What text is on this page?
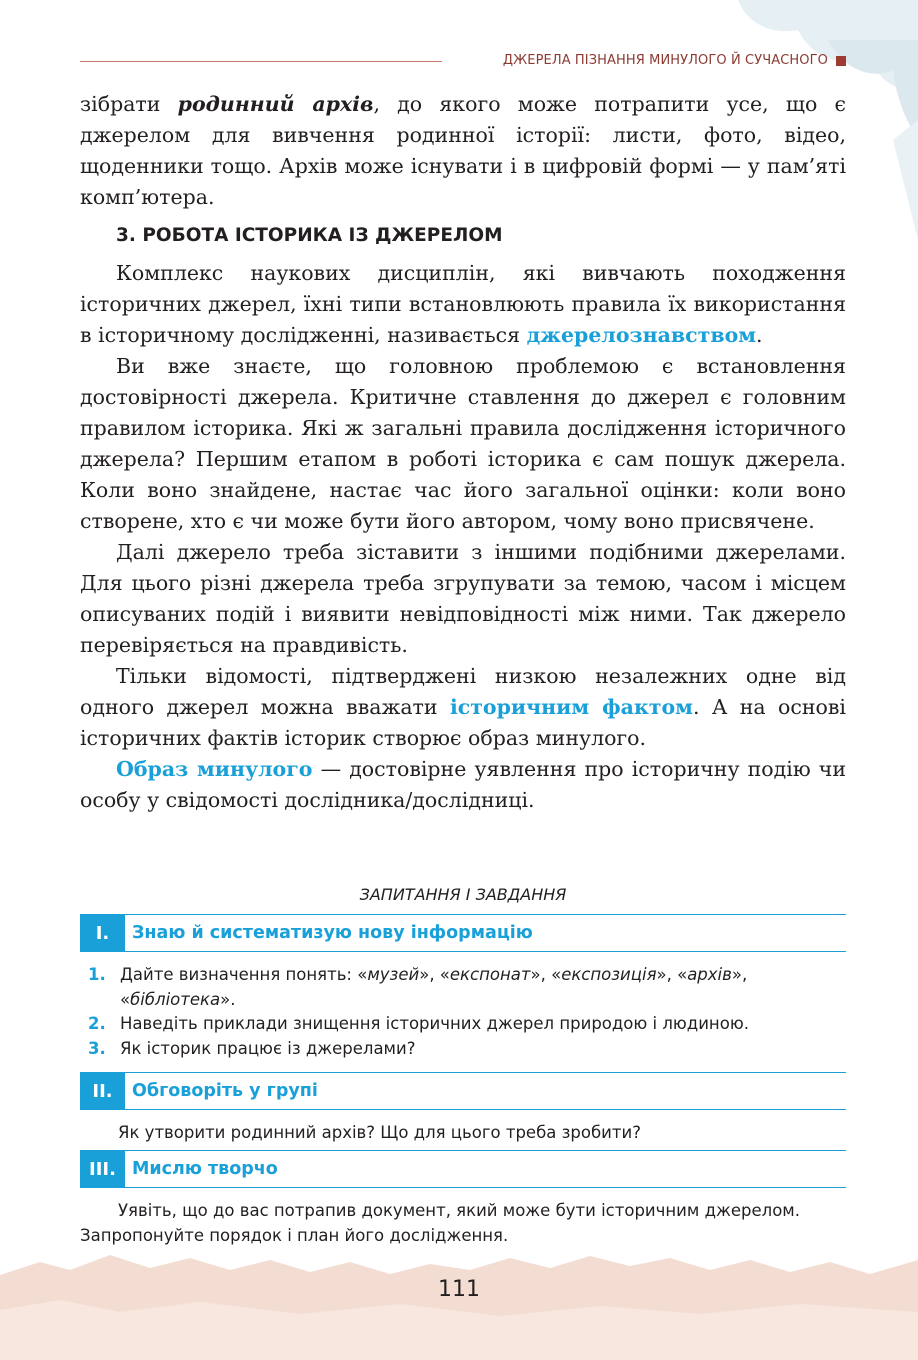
ДЖЕРЕЛА ПІЗНАННЯ МИНУЛОГО Й СУЧАСНОГО

зібрати родинний архів, до якого може потрапити усе, що є джерелом для вивчення родинної історії: листи, фото, відео, щоденники тощо. Архів може існувати і в цифровій формі — у пам’яті комп’ютера.

3. РОБОТА ІСТОРИКА ІЗ ДЖЕРЕЛОМ

Комплекс наукових дисциплін, які вивчають походження історичних джерел, їхні типи встановлюють правила їх використання в історичному дослідженні, називається джерелознавством.

Ви вже знаєте, що головною проблемою є встановлення достовірності джерела. Критичне ставлення до джерел є головним правилом історика. Які ж загальні правила дослідження історичного джерела? Першим етапом в роботі історика є сам пошук джерела. Коли воно знайдене, настає час його загальної оцінки: коли воно створене, хто є чи може бути його автором, чому воно присвячене.

Далі джерело треба зіставити з іншими подібними джерелами. Для цього різні джерела треба згрупувати за темою, часом і місцем описуваних подій і виявити невідповідності між ними. Так джерело перевіряється на правдивість.

Тільки відомості, підтверджені низкою незалежних одне від одного джерел можна вважати історичним фактом. А на основі історичних фактів історик створює образ минулого.

Образ минулого — достовірне уявлення про історичну подію чи особу у свідомості дослідника/дослідниці.

ЗАПИТАННЯ І ЗАВДАННЯ
I.	Знаю й систематизую нову інформацію
1. Дайте визначення понять: «музей», «експонат», «експозиція», «архів», «бібліотека».
2. Наведіть приклади знищення історичних джерел природою і людиною.
3. Як історик працює із джерелами?
II.	Обговоріть у групі

Як утворити родинний архів? Що для цього треба зробити?

III. Мислю творчо

Уявіть, що до вас потрапив документ, який може бути історичним джерелом. Запропонуйте порядок і план його дослідження.

111
